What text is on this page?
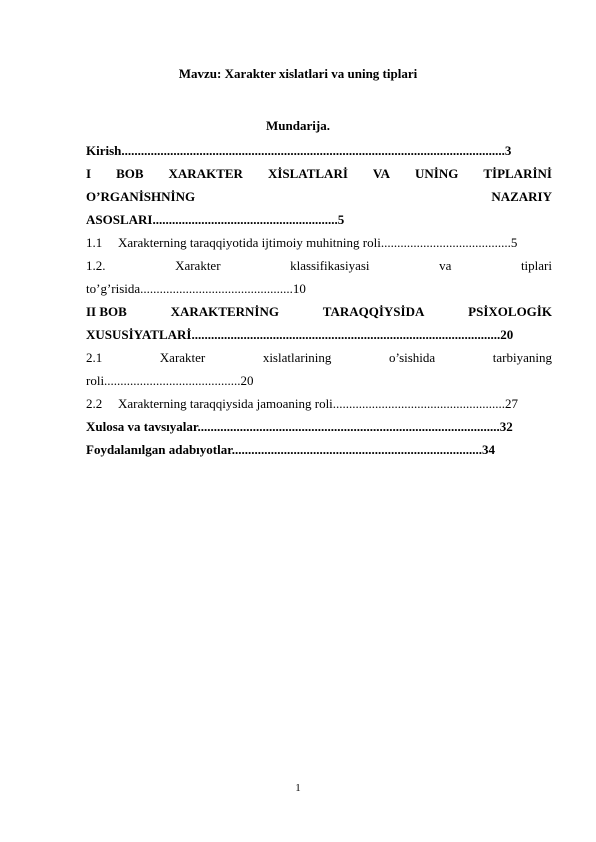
Mavzu: Xarakter xislatlari va uning tiplari
Mundarija.
Kirish......................................................................................................................3
I BOB XARAKTER XİSLATLARİ VA UNİNG TİPLARİNİ
O’RGANİSHNİNG	NAZARIY
ASOSLARI.........................................................5
1.1	Xarakterning taraqqiyotida ijtimoiy muhitning roli........................................5
1.2.	Xarakter	klassifikasiyasi	va	tiplari
to’g’risida...............................................10
II BOB	XARAKTERNİNG	TARAQQİYSİDA	PSİXOLOGİK
XUSUSİYATLARİ...............................................................................................20
2.1	Xarakter	xislatlarining	o’sishida	tarbiyaning
roli..........................................20
2.2	Xarakterning taraqqiysida jamoaning roli.....................................................27
Xulosa va tavsıyalar.............................................................................................32
Foydalanılgan adabıyotlar.............................................................................34
1
